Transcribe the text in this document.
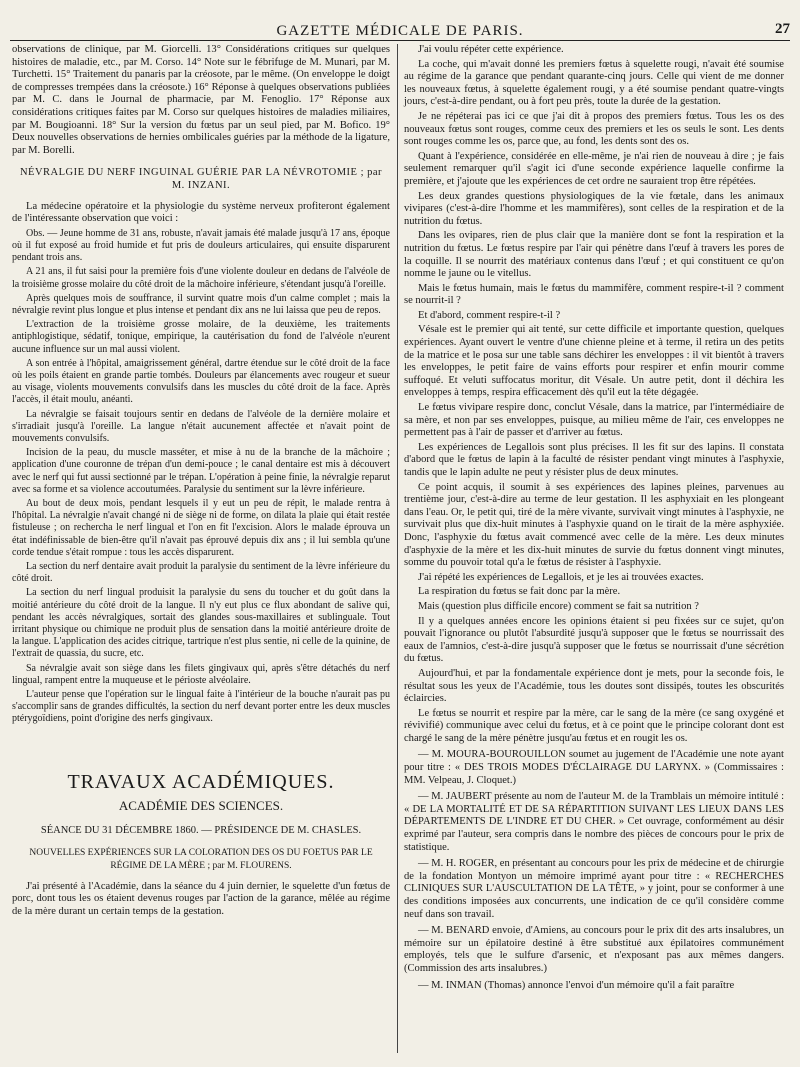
GAZETTE MÉDICALE DE PARIS.	27

observations de clinique, par M. Giorcelli. 13° Considérations critiques sur quelques histoires de maladie, etc., par M. Corso. 14° Note sur le fébrifuge de M. Munari, par M. Turchetti. 15° Traitement du panaris par la créosote, par le même. (On enveloppe le doigt de compresses trempées dans la créosote.) 16° Réponse à quelques observations publiées par M. C. dans le Journal de pharmacie, par M. Fenoglio. 17° Réponse aux considérations critiques faites par M. Corso sur quelques histoires de maladies miliaires, par M. Bougioanni. 18° Sur la version du fœtus par un seul pied, par M. Bofico. 19° Deux nouvelles observations de hernies ombilicales guéries par la méthode de la ligature, par M. Borelli.

NÉVRALGIE DU NERF INGUINAL GUÉRIE PAR LA NÉVROTOMIE ; par M. INZANI.

La médecine opératoire et la physiologie du système nerveux profiteront également de l'intéressante observation que voici :

Obs. — Jeune homme de 31 ans, robuste, n'avait jamais été malade jusqu'à 17 ans, époque où il fut exposé au froid humide et fut pris de douleurs articulaires, qui ensuite disparurent pendant trois ans.

A 21 ans, il fut saisi pour la première fois d'une violente douleur en dedans de l'alvéole de la troisième grosse molaire du côté droit de la mâchoire inférieure, s'étendant jusqu'à l'oreille.

Après quelques mois de souffrance, il survint quatre mois d'un calme complet ; mais la névralgie revint plus longue et plus intense et pendant dix ans ne lui laissa que peu de repos.

L'extraction de la troisième grosse molaire, de la deuxième, les traitements antiphlogistique, sédatif, tonique, empirique, la cautérisation du fond de l'alvéole n'eurent aucune influence sur un mal aussi violent.

A son entrée à l'hôpital, amaigrissement général, dartre étendue sur le côté droit de la face où les poils étaient en grande partie tombés. Douleurs par élancements avec rougeur et sueur au visage, violents mouvements convulsifs dans les muscles du côté droit de la face. Après l'accès, il était moulu, anéanti.

La névralgie se faisait toujours sentir en dedans de l'alvéole de la dernière molaire et s'irradiait jusqu'à l'oreille. La langue n'était aucunement affectée et n'avait point de mouvements convulsifs.

Incision de la peau, du muscle masséter, et mise à nu de la branche de la mâchoire ; application d'une couronne de trépan d'un demi-pouce ; le canal dentaire est mis à découvert avec le nerf qui fut aussi sectionné par le trépan. L'opération à peine finie, la névralgie reparut avec sa forme et sa violence accoutumées. Paralysie du sentiment sur la lèvre inférieure.

Au bout de deux mois, pendant lesquels il y eut un peu de répit, le malade rentra à l'hôpital. La névralgie n'avait changé ni de siège ni de forme, on dilata la plaie qui était restée fistuleuse ; on rechercha le nerf lingual et l'on en fit l'excision. Alors le malade éprouva un état indéfinissable de bien-être qu'il n'avait pas éprouvé depuis dix ans ; il lui sembla qu'une corde tendue s'était rompue : tous les accès disparurent.

La section du nerf dentaire avait produit la paralysie du sentiment de la lèvre inférieure du côté droit.

La section du nerf lingual produisit la paralysie du sens du toucher et du goût dans la moitié antérieure du côté droit de la langue. Il n'y eut plus ce flux abondant de salive qui, pendant les accès névralgiques, sortait des glandes sous-maxillaires et sublinguale. Tout irritant physique ou chimique ne produit plus de sensation dans la moitié antérieure droite de la langue. L'application des acides citrique, tartrique n'est plus sentie, ni celle de la quinine, de l'extrait de quassia, du sucre, etc.

Sa névralgie avait son siège dans les filets gingivaux qui, après s'être détachés du nerf lingual, rampent entre la muqueuse et le périoste alvéolaire.

L'auteur pense que l'opération sur le lingual faite à l'intérieur de la bouche n'aurait pas pu s'accomplir sans de grandes difficultés, la section du nerf devant porter entre les deux muscles ptérygoïdiens, point d'origine des nerfs gingivaux.

TRAVAUX ACADÉMIQUES.
ACADÉMIE DES SCIENCES.
SÉANCE DU 31 DÉCEMBRE 1860. — PRÉSIDENCE DE M. CHASLES.
NOUVELLES EXPÉRIENCES SUR LA COLORATION DES OS DU FOETUS PAR LE RÉGIME DE LA MÈRE ; par M. FLOURENS.

J'ai présenté à l'Académie, dans la séance du 4 juin dernier, le squelette d'un fœtus de porc, dont tous les os étaient devenus rouges par l'action de la garance, mêlée au régime de la mère durant un certain temps de la gestation.

J'ai voulu répéter cette expérience.

La coche, qui m'avait donné les premiers fœtus à squelette rougi, n'avait été soumise au régime de la garance que pendant quarante-cinq jours. Celle qui vient de me donner les nouveaux fœtus, à squelette également rougi, y a été soumise pendant quatre-vingts jours, c'est-à-dire pendant, ou à fort peu près, toute la durée de la gestation.

Je ne répéterai pas ici ce que j'ai dit à propos des premiers fœtus. Tous les os des nouveaux fœtus sont rouges, comme ceux des premiers et les os seuls le sont. Les dents sont rouges comme les os, parce que, au fond, les dents sont des os.

Quant à l'expérience, considérée en elle-même, je n'ai rien de nouveau à dire ; je fais seulement remarquer qu'il s'agit ici d'une seconde expérience laquelle confirme la première, et j'ajoute que les expériences de cet ordre ne sauraient trop être répétées.

Les deux grandes questions physiologiques de la vie fœtale, dans les animaux vivipares (c'est-à-dire l'homme et les mammifères), sont celles de la respiration et de la nutrition du fœtus.

Dans les ovipares, rien de plus clair que la manière dont se font la respiration et la nutrition du fœtus. Le fœtus respire par l'air qui pénètre dans l'œuf à travers les pores de la coquille. Il se nourrit des matériaux contenus dans l'œuf ; et qui constituent ce qu'on nomme le jaune ou le vitellus.

Mais le fœtus humain, mais le fœtus du mammifère, comment respire-t-il ? comment se nourrit-il ?

Et d'abord, comment respire-t-il ?

Vésale est le premier qui ait tenté, sur cette difficile et importante question, quelques expériences. Ayant ouvert le ventre d'une chienne pleine et à terme, il retira un des petits de la matrice et le posa sur une table sans déchirer les enveloppes : il vit bientôt à travers les enveloppes, le petit faire de vains efforts pour respirer et enfin mourir comme suffoqué. Et veluti suffocatus moritur, dit Vésale. Un autre petit, dont il déchira les enveloppes à temps, respira efficacement dès qu'il eut la tête dégagée.

Le fœtus vivipare respire donc, conclut Vésale, dans la matrice, par l'intermédiaire de sa mère, et non par ses enveloppes, puisque, au milieu même de l'air, ces enveloppes ne permettent pas à l'air de passer et d'arriver au fœtus.

Les expériences de Legallois sont plus précises. Il les fit sur des lapins. Il constata d'abord que le fœtus de lapin à la faculté de résister pendant vingt minutes à l'asphyxie, tandis que le lapin adulte ne peut y résister plus de deux minutes.

Ce point acquis, il soumit à ses expériences des lapines pleines, parvenues au trentième jour, c'est-à-dire au terme de leur gestation. Il les asphyxiait en les plongeant dans l'eau. Or, le petit qui, tiré de la mère vivante, survivait vingt minutes à l'asphyxie, ne survivait plus que dix-huit minutes à l'asphyxie quand on le tirait de la mère asphyxiée. Donc, l'asphyxie du fœtus avait commencé avec celle de la mère. Les deux minutes d'asphyxie de la mère et les dix-huit minutes de survie du fœtus donnent vingt minutes, somme du pouvoir total qu'a le fœtus de résister à l'asphyxie.

J'ai répété les expériences de Legallois, et je les ai trouvées exactes.

La respiration du fœtus se fait donc par la mère.

Mais (question plus difficile encore) comment se fait sa nutrition ?

Il y a quelques années encore les opinions étaient si peu fixées sur ce sujet, qu'on pouvait l'ignorance ou plutôt l'absurdité jusqu'à supposer que le fœtus se nourrissait des eaux de l'amnios, c'est-à-dire jusqu'à supposer que le fœtus se nourrissait d'une sécrétion du fœtus.

Aujourd'hui, et par la fondamentale expérience dont je mets, pour la seconde fois, le résultat sous les yeux de l'Académie, tous les doutes sont dissipés, toutes les obscurités éclaircies.

Le fœtus se nourrit et respire par la mère, car le sang de la mère (ce sang oxygéné et révivifié) communique avec celui du fœtus, et à ce point que le principe colorant dont est chargé le sang de la mère pénètre jusqu'au fœtus et en rougit les os.

— M. MOURA-BOUROUILLON soumet au jugement de l'Académie une note ayant pour titre : « DES TROIS MODES D'ÉCLAIRAGE DU LARYNX. » (Commissaires : MM. Velpeau, J. Cloquet.)

— M. JAUBERT présente au nom de l'auteur M. de la Tramblais un mémoire intitulé : « DE LA MORTALITÉ ET DE SA RÉPARTITION SUIVANT LES LIEUX DANS LES DÉPARTEMENTS DE L'INDRE ET DU CHER. » Cet ouvrage, conformément au désir exprimé par l'auteur, sera compris dans le nombre des pièces de concours pour le prix de statistique.

— M. H. ROGER, en présentant au concours pour les prix de médecine et de chirurgie de la fondation Montyon un mémoire imprimé ayant pour titre : « RECHERCHES CLINIQUES SUR L'AUSCULTATION DE LA TÊTE, » y joint, pour se conformer à une des conditions imposées aux concurrents, une indication de ce qu'il considère comme neuf dans son travail.

— M. BENARD envoie, d'Amiens, au concours pour le prix dit des arts insalubres, un mémoire sur un épilatoire destiné à être substitué aux épilatoires communément employés, tels que le sulfure d'arsenic, et n'exposant pas aux mêmes dangers. (Commission des arts insalubres.)

— M. INMAN (Thomas) annonce l'envoi d'un mémoire qu'il a fait paraître
